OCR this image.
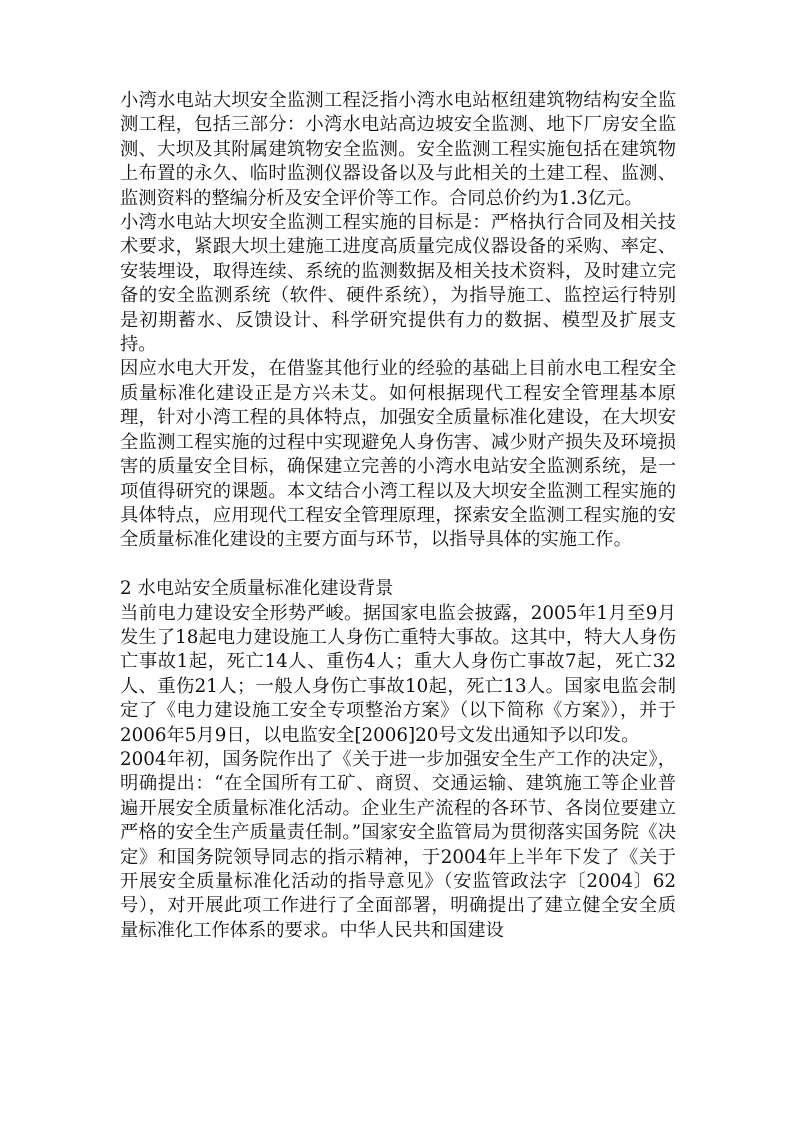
小湾水电站大坝安全监测工程泛指小湾水电站枢纽建筑物结构安全监测工程，包括三部分：小湾水电站高边坡安全监测、地下厂房安全监测、大坝及其附属建筑物安全监测。安全监测工程实施包括在建筑物上布置的永久、临时监测仪器设备以及与此相关的土建工程、监测、监测资料的整编分析及安全评价等工作。合同总价约为1.3亿元。

小湾水电站大坝安全监测工程实施的目标是：严格执行合同及相关技术要求，紧跟大坝土建施工进度高质量完成仪器设备的采购、率定、安装埋设，取得连续、系统的监测数据及相关技术资料，及时建立完备的安全监测系统（软件、硬件系统），为指导施工、监控运行特别是初期蓄水、反馈设计、科学研究提供有力的数据、模型及扩展支持。

因应水电大开发，在借鉴其他行业的经验的基础上目前水电工程安全质量标准化建设正是方兴未艾。如何根据现代工程安全管理基本原理，针对小湾工程的具体特点，加强安全质量标准化建设，在大坝安全监测工程实施的过程中实现避免人身伤害、减少财产损失及环境损害的质量安全目标，确保建立完善的小湾水电站安全监测系统，是一项值得研究的课题。本文结合小湾工程以及大坝安全监测工程实施的具体特点，应用现代工程安全管理原理，探索安全监测工程实施的安全质量标准化建设的主要方面与环节，以指导具体的实施工作。

2 水电站安全质量标准化建设背景

当前电力建设安全形势严峻。据国家电监会披露，2005年1月至9月发生了18起电力建设施工人身伤亡重特大事故。这其中，特大人身伤亡事故1起，死亡14人、重伤4人；重大人身伤亡事故7起，死亡32人、重伤21人；一般人身伤亡事故10起，死亡13人。国家电监会制定了《电力建设施工安全专项整治方案》（以下简称《方案》），并于2006年5月9日，以电监安全[2006]20号文发出通知予以印发。

2004年初，国务院作出了《关于进一步加强安全生产工作的决定》，明确提出：“在全国所有工矿、商贸、交通运输、建筑施工等企业普遍开展安全质量标准化活动。企业生产流程的各环节、各岗位要建立严格的安全生产质量责任制。”国家安全监管局为贯彻落实国务院《决定》和国务院领导同志的指示精神，于2004年上半年下发了《关于开展安全质量标准化活动的指导意见》（安监管政法字〔2004〕62号），对开展此项工作进行了全面部署，明确提出了建立健全安全质量标准化工作体系的要求。中华人民共和国建设
